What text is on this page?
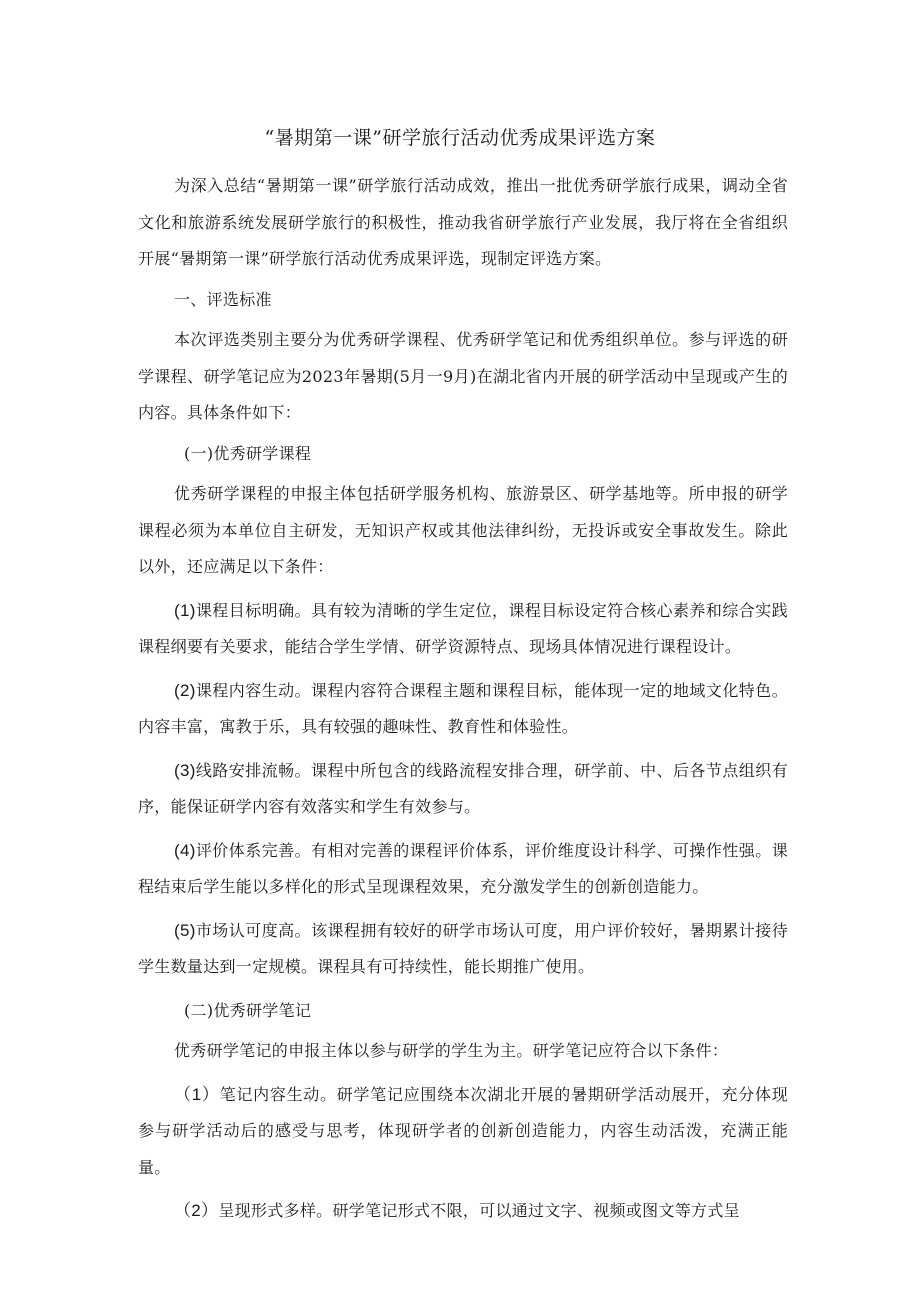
“暑期第一课”研学旅行活动优秀成果评选方案

为深入总结“暑期第一课”研学旅行活动成效，推出一批优秀研学旅行成果，调动全省文化和旅游系统发展研学旅行的积极性，推动我省研学旅行产业发展，我厅将在全省组织开展“暑期第一课”研学旅行活动优秀成果评选，现制定评选方案。

一、评选标准

本次评选类别主要分为优秀研学课程、优秀研学笔记和优秀组织单位。参与评选的研学课程、研学笔记应为2023年暑期(5月一9月)在湖北省内开展的研学活动中呈现或产生的内容。具体条件如下：

(一)优秀研学课程

优秀研学课程的申报主体包括研学服务机构、旅游景区、研学基地等。所申报的研学课程必须为本单位自主研发，无知识产权或其他法律纠纷，无投诉或安全事故发生。除此以外，还应满足以下条件：

(1)课程目标明确。具有较为清晰的学生定位，课程目标设定符合核心素养和综合实践课程纲要有关要求，能结合学生学情、研学资源特点、现场具体情况进行课程设计。

(2)课程内容生动。课程内容符合课程主题和课程目标，能体现一定的地域文化特色。内容丰富，寓教于乐，具有较强的趣味性、教育性和体验性。

(3)线路安排流畅。课程中所包含的线路流程安排合理，研学前、中、后各节点组织有序，能保证研学内容有效落实和学生有效参与。

(4)评价体系完善。有相对完善的课程评价体系，评价维度设计科学、可操作性强。课程结束后学生能以多样化的形式呈现课程效果，充分激发学生的创新创造能力。

(5)市场认可度高。该课程拥有较好的研学市场认可度，用户评价较好，暑期累计接待学生数量达到一定规模。课程具有可持续性，能长期推广使用。

(二)优秀研学笔记

优秀研学笔记的申报主体以参与研学的学生为主。研学笔记应符合以下条件：

（1）笔记内容生动。研学笔记应围绕本次湖北开展的暑期研学活动展开，充分体现参与研学活动后的感受与思考，体现研学者的创新创造能力，内容生动活泼，充满正能量。

（2）呈现形式多样。研学笔记形式不限，可以通过文字、视频或图文等方式呈
